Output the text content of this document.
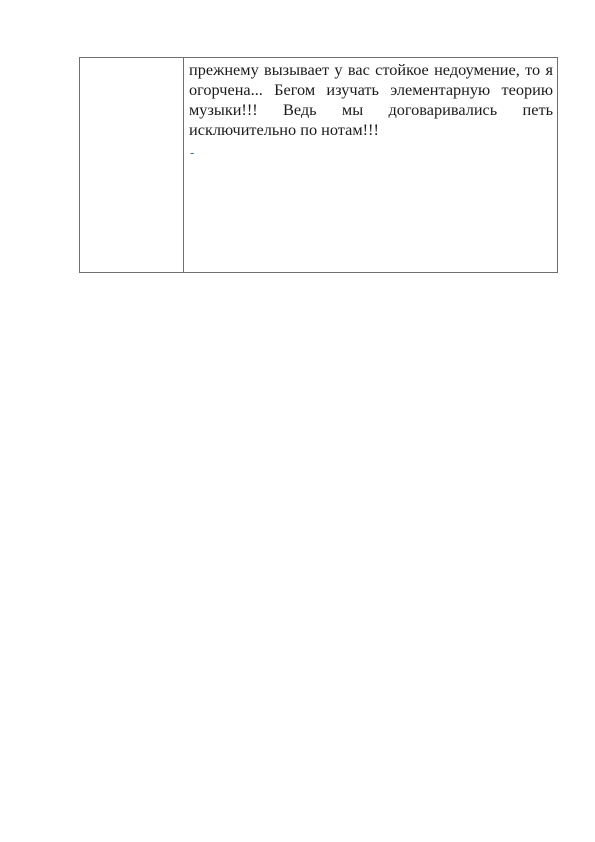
прежнему вызывает у вас стойкое недоумение, то я огорчена... Бегом изучать элементарную теорию музыки!!! Ведь мы договаривались петь исключительно по нотам!!!

-
